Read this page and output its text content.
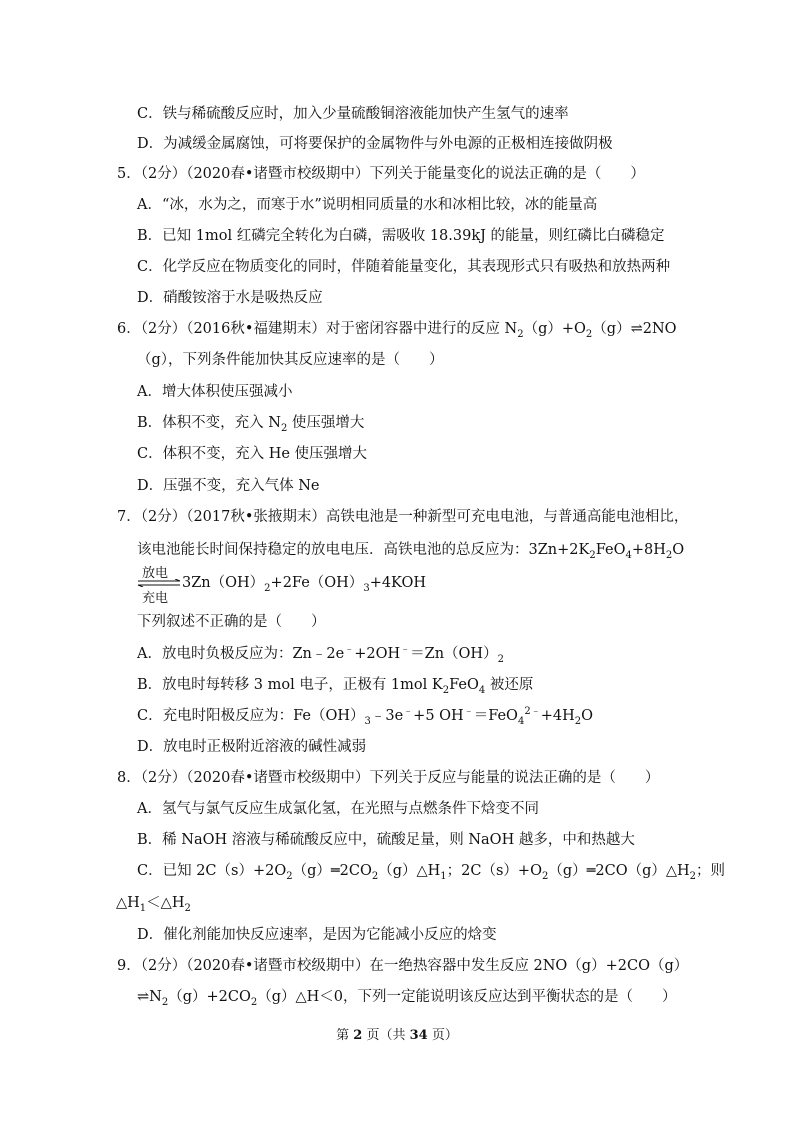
C．铁与稀硫酸反应时，加入少量硫酸铜溶液能加快产生氢气的速率
D．为减缓金属腐蚀，可将要保护的金属物件与外电源的正极相连接做阴极
5．（2分）（2020春•诸暨市校级期中）下列关于能量变化的说法正确的是（　　）
A．“冰，水为之，而寒于水”说明相同质量的水和冰相比较，冰的能量高
B．已知 1mol 红磷完全转化为白磷，需吸收 18.39kJ 的能量，则红磷比白磷稳定
C．化学反应在物质变化的同时，伴随着能量变化，其表现形式只有吸热和放热两种
D．硝酸铵溶于水是吸热反应
6．（2分）（2016秋•福建期末）对于密闭容器中进行的反应 $N_2(g)+O_2(g)\rightleftharpoons 2NO$
（g），下列条件能加快其反应速率的是（　　）
A．增大体积使压强减小
B．体积不变，充入 $N_2$ 使压强增大
C．体积不变，充入 He 使压强增大
D．压强不变，充入气体 Ne
7．（2分）（2017秋•张掖期末）高铁电池是一种新型可充电电池，与普通高能电池相比，
该电池能长时间保持稳定的放电电压．高铁电池的总反应为：$3Zn+2K_2FeO_4+8H_2O$
放电
充电
$3Zn(OH)_2+2Fe(OH)_3+4KOH$
下列叙述不正确的是（　　）
A．放电时负极反应为：$Zn﹣2e^﹣+2OH^﹣=Zn(OH)_2$
B．放电时每转移 3 mol 电子，正极有 1mol $K_2FeO_4$ 被还原
C．充电时阳极反应为：$Fe(OH)_3﹣3e^﹣+5$ $OH^﹣=FeO_4^{2﹣}+4H_2O$
D．放电时正极附近溶液的碱性减弱
8．（2分）（2020春•诸暨市校级期中）下列关于反应与能量的说法正确的是（　　）
A．氢气与氯气反应生成氯化氢，在光照与点燃条件下焓变不同
B．稀 NaOH 溶液与稀硫酸反应中，硫酸足量，则 NaOH 越多，中和热越大
C．已知 $2C(s)+2O_2(g)═2CO_2(g)\triangle H_1$；$2C(s)+O_2(g)═2CO(g)\triangle H_2$；则
$\triangle H_1<\triangle H_2$
D．催化剂能加快反应速率，是因为它能减小反应的焓变
9．（2分）（2020春•诸暨市校级期中）在一绝热容器中发生反应 2NO（g）+2CO（g）
$\rightleftharpoons N_2(g)+2CO_2(g)\triangle H<0$，下列一定能说明该反应达到平衡状态的是（　　）
第 2 页（共 34 页）
